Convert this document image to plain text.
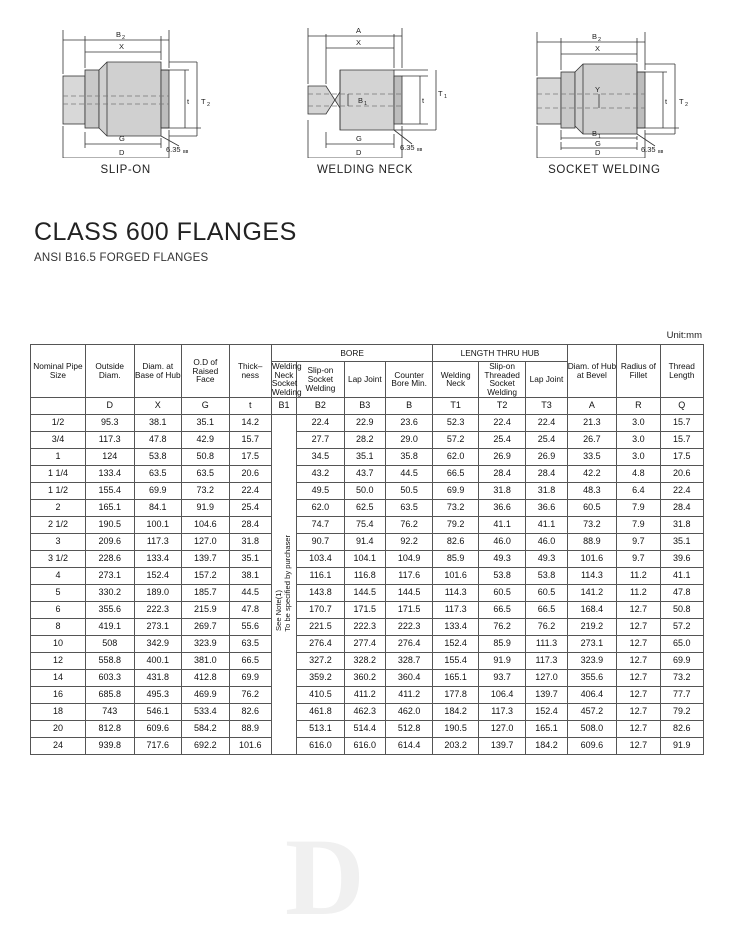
X
B 2
G
D
t T 2
6.35 ʙʙ
SLIP-ON
X
A
B 1
G
D
T 1
t
6.35 ʙʙ
WELDING NECK
X
B 2
Y
B 1
G
D
t T 2
6.35 ʙʙ
SOCKET WELDING
CLASS 600 FLANGES
ANSI B16.5 FORGED FLANGES
Unit:mm
D
Nominal Pipe Size	Outside Diam.	Diam. at Base of Hub	O.D of Raised Face	Thick–ness	BORE				LENGTH THRU HUB			Diam. of Hub at Bevel	Radius of Fillet	Thread Length
					Welding Neck Socket Welding	Slip-on Socket Welding	Lap Joint	Counter Bore Min.	Welding Neck	Slip-on Threaded Socket Welding	Lap Joint			
	D	X	G	t	B1	B2	B3	B	T1	T2	T3	A	R	Q
1/2	95.3	38.1	35.1	14.2	See Note(1)To be specified by purchaser	22.4	22.9	23.6	52.3	22.4	22.4	21.3	3.0	15.7
3/4	117.3	47.8	42.9	15.7		27.7	28.2	29.0	57.2	25.4	25.4	26.7	3.0	15.7
1	124	53.8	50.8	17.5		34.5	35.1	35.8	62.0	26.9	26.9	33.5	3.0	17.5
1 1/4	133.4	63.5	63.5	20.6		43.2	43.7	44.5	66.5	28.4	28.4	42.2	4.8	20.6
1 1/2	155.4	69.9	73.2	22.4		49.5	50.0	50.5	69.9	31.8	31.8	48.3	6.4	22.4
2	165.1	84.1	91.9	25.4		62.0	62.5	63.5	73.2	36.6	36.6	60.5	7.9	28.4
2 1/2	190.5	100.1	104.6	28.4		74.7	75.4	76.2	79.2	41.1	41.1	73.2	7.9	31.8
3	209.6	117.3	127.0	31.8		90.7	91.4	92.2	82.6	46.0	46.0	88.9	9.7	35.1
3 1/2	228.6	133.4	139.7	35.1		103.4	104.1	104.9	85.9	49.3	49.3	101.6	9.7	39.6
4	273.1	152.4	157.2	38.1		116.1	116.8	117.6	101.6	53.8	53.8	114.3	11.2	41.1
5	330.2	189.0	185.7	44.5		143.8	144.5	144.5	114.3	60.5	60.5	141.2	11.2	47.8
6	355.6	222.3	215.9	47.8		170.7	171.5	171.5	117.3	66.5	66.5	168.4	12.7	50.8
8	419.1	273.1	269.7	55.6		221.5	222.3	222.3	133.4	76.2	76.2	219.2	12.7	57.2
10	508	342.9	323.9	63.5		276.4	277.4	276.4	152.4	85.9	111.3	273.1	12.7	65.0
12	558.8	400.1	381.0	66.5		327.2	328.2	328.7	155.4	91.9	117.3	323.9	12.7	69.9
14	603.3	431.8	412.8	69.9		359.2	360.2	360.4	165.1	93.7	127.0	355.6	12.7	73.2
16	685.8	495.3	469.9	76.2		410.5	411.2	411.2	177.8	106.4	139.7	406.4	12.7	77.7
18	743	546.1	533.4	82.6		461.8	462.3	462.0	184.2	117.3	152.4	457.2	12.7	79.2
20	812.8	609.6	584.2	88.9		513.1	514.4	512.8	190.5	127.0	165.1	508.0	12.7	82.6
24	939.8	717.6	692.2	101.6		616.0	616.0	614.4	203.2	139.7	184.2	609.6	12.7	91.9
